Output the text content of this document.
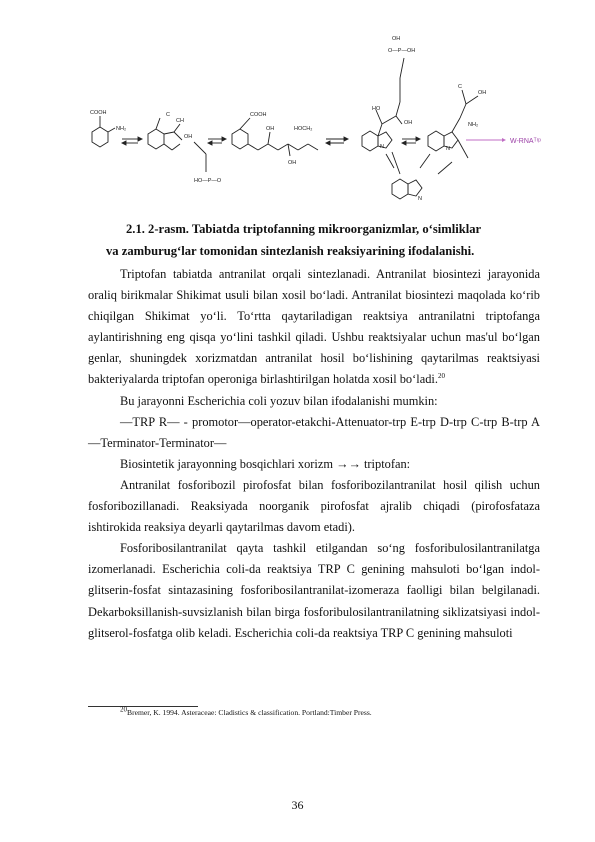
COOH
NH₂
C
CH
OH
HO—P—O
COOH
OH
OH
HOCH₂
HO
OH
OH
O—P—OH
N
C
OH
NH₂
N
N
W-RNAᵀʳᵖ
2.1. 2-rasm. Tabiatda triptofanning mikroorganizmlar, o‘simliklar
va zamburug‘lar tomonidan sintezlanish reaksiyarining ifodalanishi.

Triptofan tabiatda antranilat orqali sintezlanadi. Antranilat biosintezi jarayonida oraliq birikmalar Shikimat usuli bilan xosil bo‘ladi. Antranilat biosintezi maqolada ko‘rib chiqilgan Shikimat yo‘li. To‘rtta qaytariladigan reaktsiya antranilatni triptofanga aylantirishning eng qisqa yo‘lini tashkil qiladi. Ushbu reaktsiyalar uchun mas'ul bo‘lgan genlar, shuningdek xorizmatdan antranilat hosil bo‘lishining qaytarilmas reaktsiyasi bakteriyalarda triptofan operoniga birlashtirilgan holatda xosil bo‘ladi.$^{20}$

Bu jarayonni Escherichia coli yozuv bilan ifodalanishi mumkin:

—TRP R— - promotor—operator-etakchi-Attenuator-trp E-trp D-trp C-trp B-trp A—Terminator-Terminator—

Biosintetik jarayonning bosqichlari xorizm →→ triptofan:

Antranilat fosforibozil pirofosfat bilan fosforibozilantranilat hosil qilish uchun fosforibozillanadi. Reaksiyada noorganik pirofosfat ajralib chiqadi (pirofosfataza ishtirokida reaksiya deyarli qaytarilmas davom etadi).

Fosforibosilantranilat qayta tashkil etilgandan so‘ng fosforibulosilantranilatga izomerlanadi. Escherichia coli-da reaktsiya TRP C genining mahsuloti bo‘lgan indol-glitserin-fosfat sintazasining fosforibosilantranilat-izomeraza faolligi bilan belgilanadi. Dekarboksillanish-suvsizlanish bilan birga fosforibulosilantranilatning siklizatsiyasi indol-glitserol-fosfatga olib keladi. Escherichia coli-da reaktsiya TRP C genining mahsuloti

$^{20}$Bremer, K. 1994. Asteraceae: Cladistics & classification. Portland:Timber Press.
36
